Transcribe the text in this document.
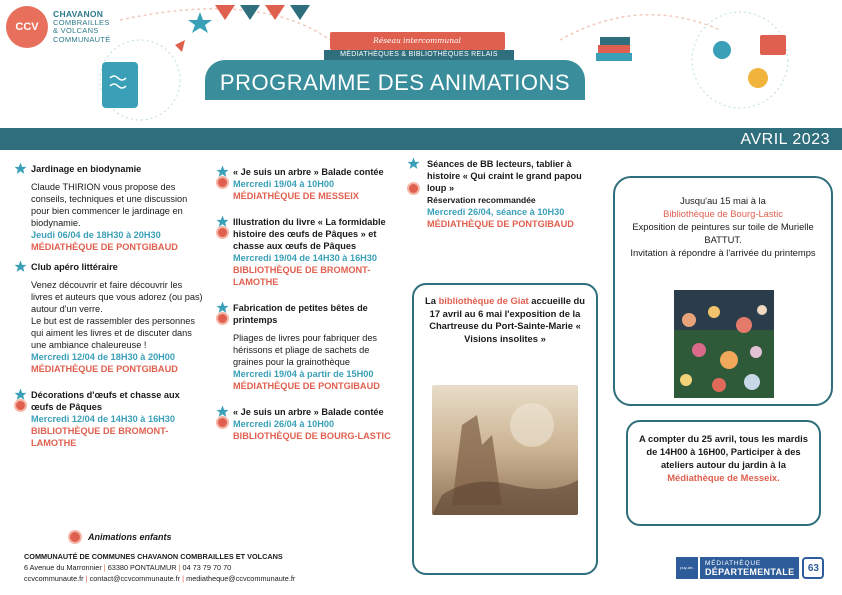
CCV
CHAVANON
COMBRAILLES
& VOLCANS
COMMUNAUTÉ	Réseau intercommunal
MÉDIATHÈQUES & BIBLIOTHÈQUES RELAIS
PROGRAMME DES ANIMATIONS
AVRIL 2023
Jardinage en biodynamie
Claude THIRION vous propose des conseils, techniques et une discussion pour bien commencer le jardinage en biodynamie.
Jeudi 06/04 de 18H30 à 20H30
MÉDIATHÈQUE DE PONTGIBAUD
Club apéro littéraire
Venez découvrir et faire découvrir les livres et auteurs que vous adorez (ou pas) autour d'un verre.
Le but est de rassembler des personnes qui aiment les livres et de discuter dans une ambiance chaleureuse !
Mercredi 12/04 de 18H30 à 20H00
MÉDIATHÈQUE DE PONTGIBAUD
Décorations d'œufs et chasse aux œufs de Pâques
Mercredi 12/04 de 14H30 à 16H30
BIBLIOTHÈQUE DE BROMONT-LAMOTHE
« Je suis un arbre » Balade contée
Mercredi 19/04 à 10H00
MÉDIATHÈQUE DE MESSEIX
Illustration du livre « La formidable histoire des œufs de Pâques » et chasse aux œufs de Pâques
Mercredi 19/04 de 14H30 à 16H30
BIBLIOTHÈQUE DE BROMONT-LAMOTHE
Fabrication de petites bêtes de printemps
Pliages de livres pour fabriquer des hérissons et pliage de sachets de graines pour la grainothèque
Mercredi 19/04 à partir de 15H00
MÉDIATHÈQUE DE PONTGIBAUD
« Je suis un arbre » Balade contée
Mercredi 26/04 à 10H00
BIBLIOTHÈQUE DE BOURG-LASTIC
Séances de BB lecteurs, tablier à histoire « Qui craint le grand papou loup »
Réservation recommandée
Mercredi 26/04, séance à 10H30
MÉDIATHÈQUE DE PONTGIBAUD
La bibliothèque de Giat accueille du 17 avril au 6 mai l'exposition de la Chartreuse du Port-Sainte-Marie « Visions insolites »
Jusqu'au 15 mai à la
Bibliothèque de Bourg-Lastic
Exposition de peintures sur toile de Murielle BATTUT.
Invitation à répondre à l'arrivée du printemps
A compter du 25 avril, tous les mardis de 14H00 à 16H00, Participer à des ateliers autour du jardin à la
Médiathèque de Messeix.
Animations enfants
COMMUNAUTÉ DE COMMUNES CHAVANON COMBRAILLES ET VOLCANS
6 Avenue du Marronnier | 63380 PONTAUMUR | 04 73 79 70 70
ccvcommunaute.fr | contact@ccvcommunaute.fr | mediatheque@ccvcommunaute.fr
puy-de-dôme
MÉDIATHÈQUE
DÉPARTEMENTALE	63
